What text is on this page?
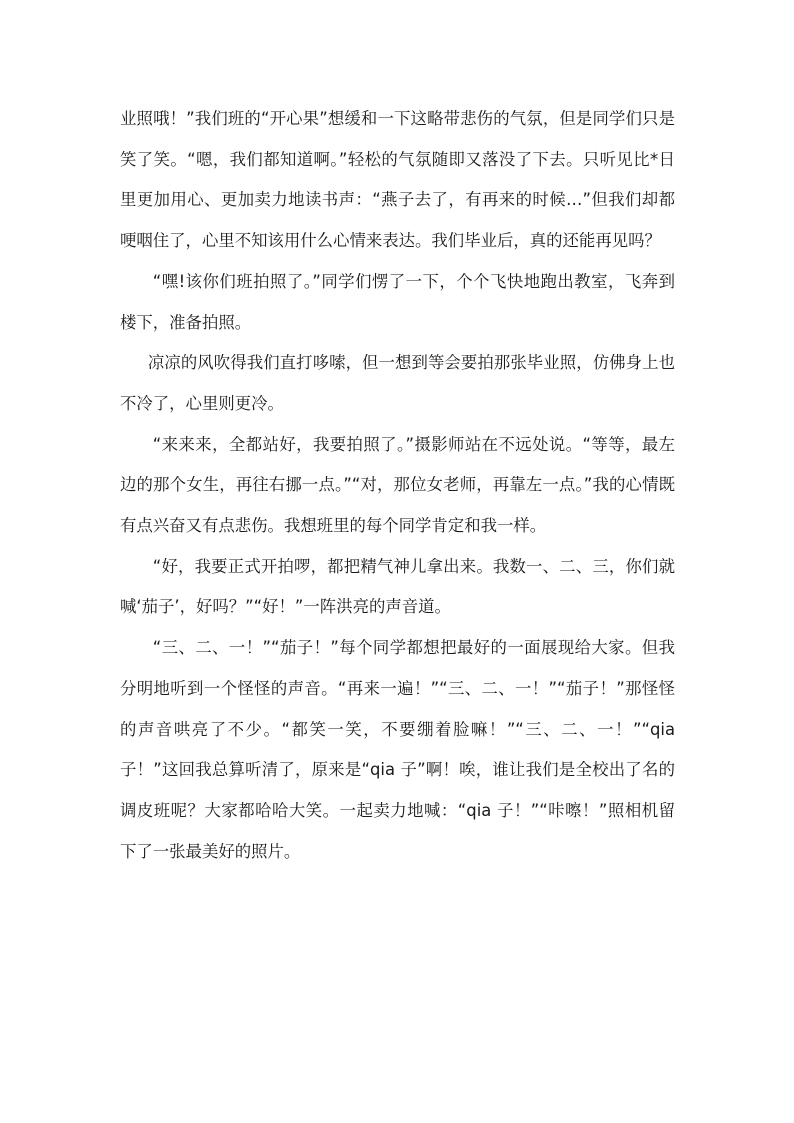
业照哦！”我们班的“开心果”想缓和一下这略带悲伤的气氛，但是同学们只是笑了笑。“嗯，我们都知道啊。”轻松的气氛随即又落没了下去。只听见比*日里更加用心、更加卖力地读书声：“燕子去了，有再来的时候…”但我们却都哽咽住了，心里不知该用什么心情来表达。我们毕业后，真的还能再见吗？

“嘿!该你们班拍照了。”同学们愣了一下，个个飞快地跑出教室，飞奔到楼下，准备拍照。

凉凉的风吹得我们直打哆嗦，但一想到等会要拍那张毕业照，仿佛身上也不冷了，心里则更冷。

“来来来，全都站好，我要拍照了。”摄影师站在不远处说。“等等，最左边的那个女生，再往右挪一点。”“对，那位女老师，再靠左一点。”我的心情既有点兴奋又有点悲伤。我想班里的每个同学肯定和我一样。

“好，我要正式开拍啰，都把精气神儿拿出来。我数一、二、三，你们就喊‘茄子’，好吗？”“好！”一阵洪亮的声音道。

“三、二、一！”“茄子！”每个同学都想把最好的一面展现给大家。但我分明地听到一个怪怪的声音。“再来一遍！”“三、二、一！”“茄子！”那怪怪的声音哄亮了不少。“都笑一笑，不要绷着脸嘛！”“三、二、一！”“qia 子！”这回我总算听清了，原来是“qia 子”啊！唉，谁让我们是全校出了名的调皮班呢？大家都哈哈大笑。一起卖力地喊：“qia 子！”“咔嚓！”照相机留下了一张最美好的照片。
